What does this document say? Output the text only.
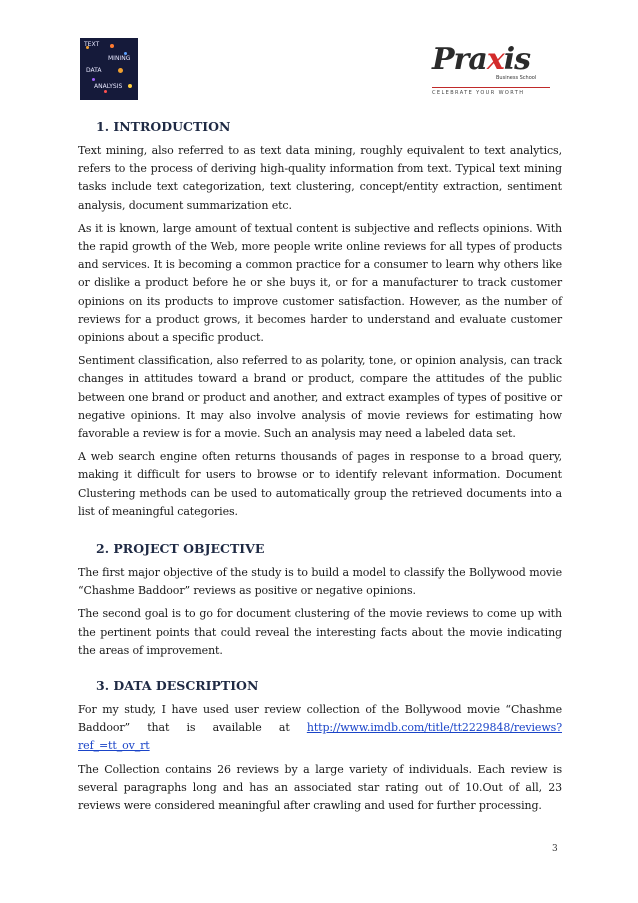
TEXT
MINING
DATA
ANALYSIS
Praxis
Business School
CELEBRATE YOUR WORTH
1. INTRODUCTION

Text mining, also referred to as text data mining, roughly equivalent to text analytics, refers to the process of deriving high-quality information from text. Typical text mining tasks include text categorization, text clustering, concept/entity extraction, sentiment analysis, document summarization etc.

As it is known, large amount of textual content is subjective and reflects opinions. With the rapid growth of the Web, more people write online reviews for all types of products and services. It is becoming a common practice for a consumer to learn why others like or dislike a product before he or she buys it, or for a manufacturer to track customer opinions on its products to improve customer satisfaction. However, as the number of reviews for a product grows, it becomes harder to understand and evaluate customer opinions about a specific product.

Sentiment classification, also referred to as polarity, tone, or opinion analysis, can track changes in attitudes toward a brand or product, compare the attitudes of the public between one brand or product and another, and extract examples of types of positive or negative opinions. It may also involve analysis of movie reviews for estimating how favorable a review is for a movie. Such an analysis may need a labeled data set.

A web search engine often returns thousands of pages in response to a broad query, making it difficult for users to browse or to identify relevant information. Document Clustering methods can be used to automatically group the retrieved documents into a list of meaningful categories.

2. PROJECT OBJECTIVE

The first major objective of the study is to build a model to classify the Bollywood movie “Chashme Baddoor” reviews as positive or negative opinions.

The second goal is to go for document clustering of the movie reviews to come up with the pertinent points that could reveal the interesting facts about the movie indicating the areas of improvement.

3. DATA DESCRIPTION

For my study, I have used user review collection of the Bollywood movie “Chashme Baddoor” that is available at http://www.imdb.com/title/tt2229848/reviews?ref_=tt_ov_rt

The Collection contains 26 reviews by a large variety of individuals. Each review is several paragraphs long and has an associated star rating out of 10.Out of all, 23 reviews were considered meaningful after crawling and used for further processing.

3
